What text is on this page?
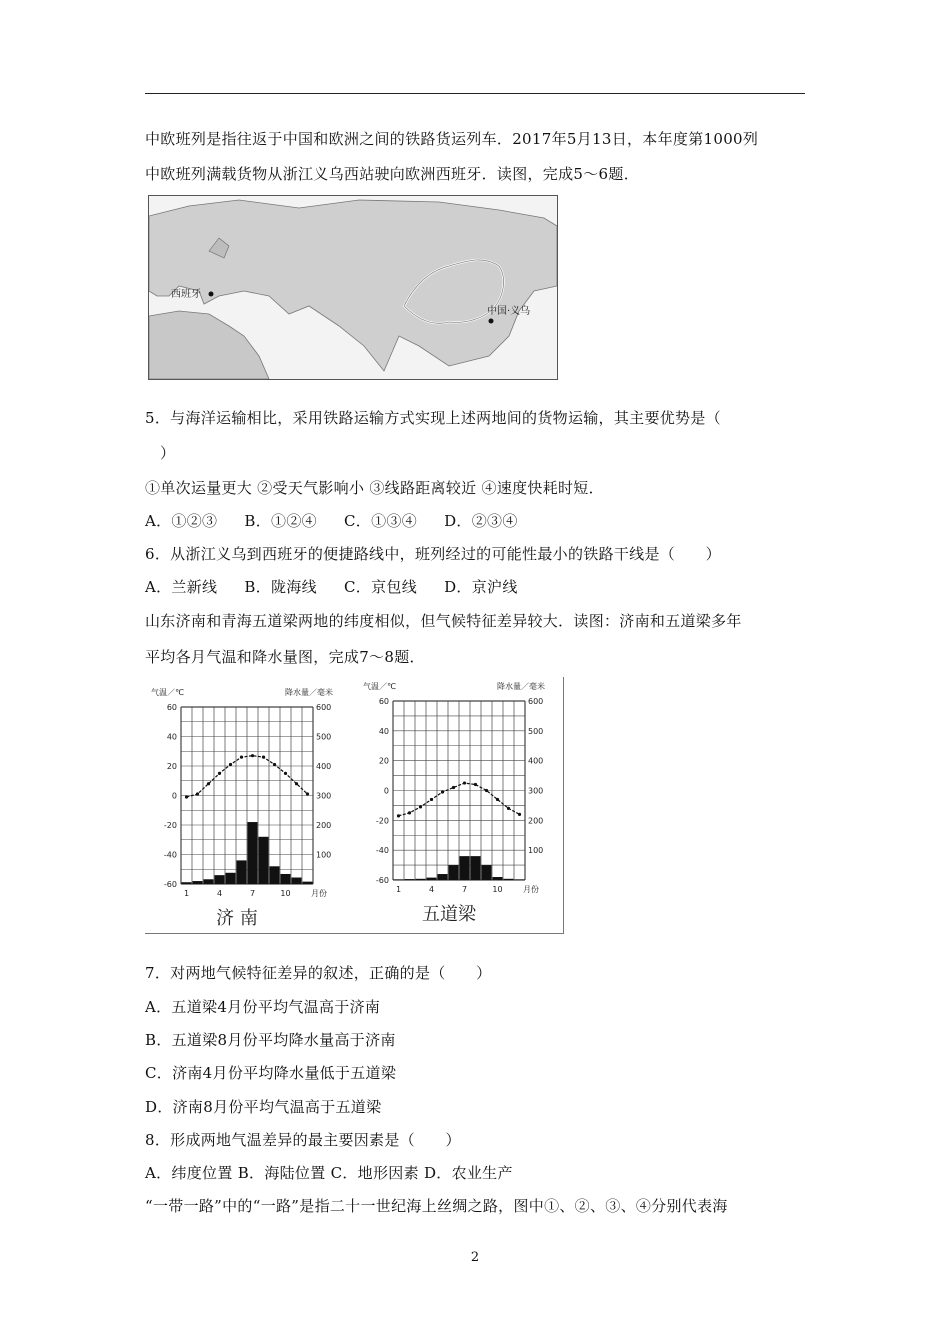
中欧班列是指往返于中国和欧洲之间的铁路货运列车．2017年5月13日，本年度第1000列
中欧班列满载货物从浙江义乌西站驶向欧洲西班牙．读图，完成5～6题．
西班牙
中国·义乌
5．与海洋运输相比，采用铁路运输方式实现上述两地间的货物运输，其主要优势是（
）
①单次运量更大 ②受天气影响小 ③线路距离较近 ④速度快耗时短．
A．①②③ B．①②④ C．①③④ D．②③④
6．从浙江义乌到西班牙的便捷路线中，班列经过的可能性最小的铁路干线是（　　）
A．兰新线 B．陇海线 C．京包线 D．京沪线
山东济南和青海五道梁两地的纬度相似，但气候特征差异较大．读图：济南和五道梁多年
平均各月气温和降水量图，完成7～8题．
60
40
20
0
-20
-40
-60
600
500
400
300
200
100
1	4	7	10	月份
气温／℃	降水量／毫米
济 南
60
40
20
0
-20
-40
-60
600
500
400
300
200
100
1	4	7	10	月份
气温／℃	降水量／毫米
五道梁
7．对两地气候特征差异的叙述，正确的是（　　）
A．五道梁4月份平均气温高于济南
B．五道梁8月份平均降水量高于济南
C．济南4月份平均降水量低于五道梁
D．济南8月份平均气温高于五道梁
8．形成两地气温差异的最主要因素是（　　）
A．纬度位置 B．海陆位置 C．地形因素 D．农业生产
“一带一路”中的“一路”是指二十一世纪海上丝绸之路，图中①、②、③、④分别代表海
2
